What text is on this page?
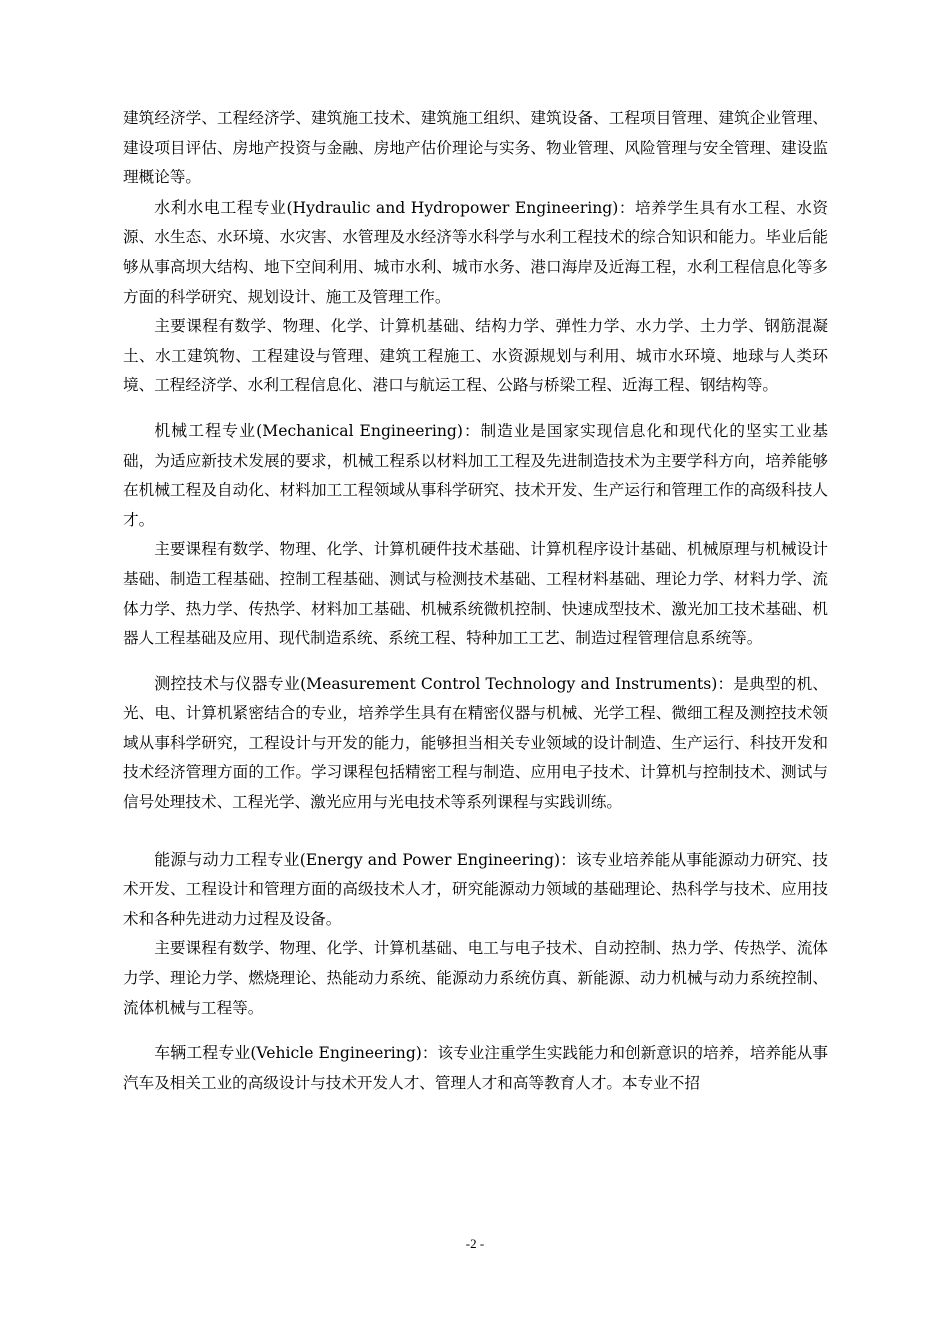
建筑经济学、工程经济学、建筑施工技术、建筑施工组织、建筑设备、工程项目管理、建筑企业管理、建设项目评估、房地产投资与金融、房地产估价理论与实务、物业管理、风险管理与安全管理、建设监理概论等。

水利水电工程专业(Hydraulic and Hydropower Engineering)：培养学生具有水工程、水资源、水生态、水环境、水灾害、水管理及水经济等水科学与水利工程技术的综合知识和能力。毕业后能够从事高坝大结构、地下空间利用、城市水利、城市水务、港口海岸及近海工程，水利工程信息化等多方面的科学研究、规划设计、施工及管理工作。

主要课程有数学、物理、化学、计算机基础、结构力学、弹性力学、水力学、土力学、钢筋混凝土、水工建筑物、工程建设与管理、建筑工程施工、水资源规划与利用、城市水环境、地球与人类环境、工程经济学、水利工程信息化、港口与航运工程、公路与桥梁工程、近海工程、钢结构等。

机械工程专业(Mechanical Engineering)：制造业是国家实现信息化和现代化的坚实工业基础，为适应新技术发展的要求，机械工程系以材料加工工程及先进制造技术为主要学科方向，培养能够在机械工程及自动化、材料加工工程领域从事科学研究、技术开发、生产运行和管理工作的高级科技人才。

主要课程有数学、物理、化学、计算机硬件技术基础、计算机程序设计基础、机械原理与机械设计基础、制造工程基础、控制工程基础、测试与检测技术基础、工程材料基础、理论力学、材料力学、流体力学、热力学、传热学、材料加工基础、机械系统微机控制、快速成型技术、激光加工技术基础、机器人工程基础及应用、现代制造系统、系统工程、特种加工工艺、制造过程管理信息系统等。

测控技术与仪器专业(Measurement Control Technology and Instruments)：是典型的机、光、电、计算机紧密结合的专业，培养学生具有在精密仪器与机械、光学工程、微细工程及测控技术领域从事科学研究，工程设计与开发的能力，能够担当相关专业领域的设计制造、生产运行、科技开发和技术经济管理方面的工作。学习课程包括精密工程与制造、应用电子技术、计算机与控制技术、测试与信号处理技术、工程光学、激光应用与光电技术等系列课程与实践训练。

能源与动力工程专业(Energy and Power Engineering)：该专业培养能从事能源动力研究、技术开发、工程设计和管理方面的高级技术人才，研究能源动力领域的基础理论、热科学与技术、应用技术和各种先进动力过程及设备。

主要课程有数学、物理、化学、计算机基础、电工与电子技术、自动控制、热力学、传热学、流体力学、理论力学、燃烧理论、热能动力系统、能源动力系统仿真、新能源、动力机械与动力系统控制、流体机械与工程等。

车辆工程专业(Vehicle Engineering)：该专业注重学生实践能力和创新意识的培养，培养能从事汽车及相关工业的高级设计与技术开发人才、管理人才和高等教育人才。本专业不招

-2 -
